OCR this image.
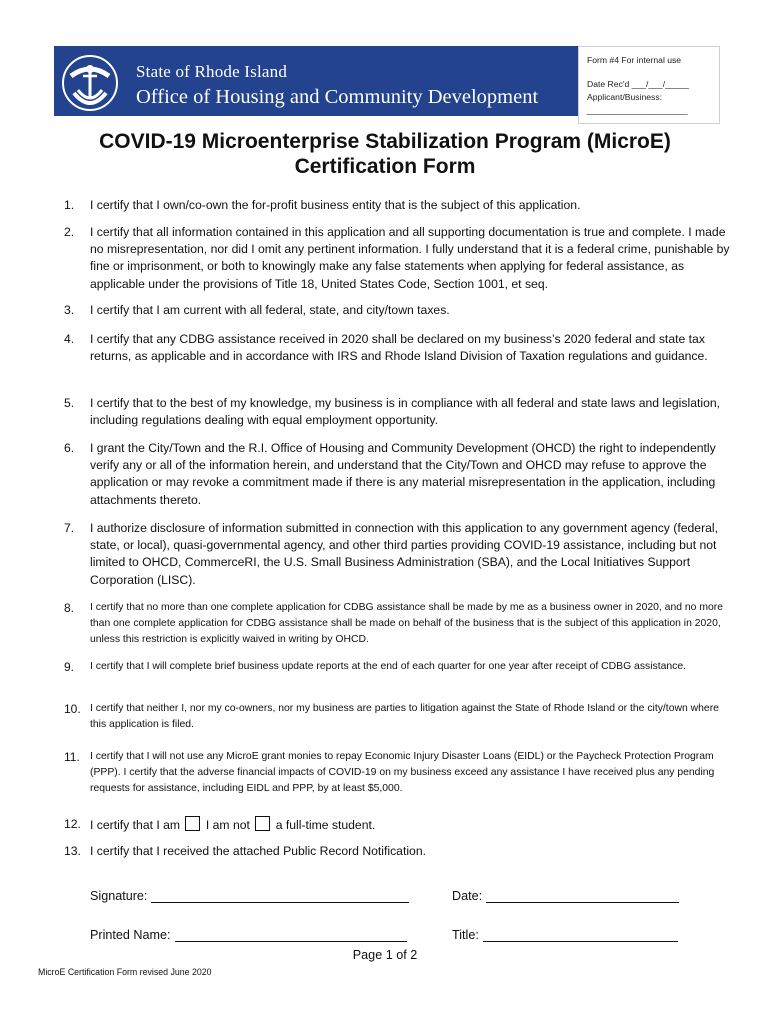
State of Rhode Island
Office of Housing and Community Development
Form #4 For internal use
Date Rec'd ___/___/_____
Applicant/Business:
_____________________
COVID-19 Microenterprise Stabilization Program (MicroE)
Certification Form
1. I certify that I own/co-own the for-profit business entity that is the subject of this application.
2. I certify that all information contained in this application and all supporting documentation is true and complete. I made no misrepresentation, nor did I omit any pertinent information. I fully understand that it is a federal crime, punishable by fine or imprisonment, or both to knowingly make any false statements when applying for federal assistance, as applicable under the provisions of Title 18, United States Code, Section 1001, et seq.
3. I certify that I am current with all federal, state, and city/town taxes.
4. I certify that any CDBG assistance received in 2020 shall be declared on my business’s 2020 federal and state tax returns, as applicable and in accordance with IRS and Rhode Island Division of Taxation regulations and guidance.
5. I certify that to the best of my knowledge, my business is in compliance with all federal and state laws and legislation, including regulations dealing with equal employment opportunity.
6. I grant the City/Town and the R.I. Office of Housing and Community Development (OHCD) the right to independently verify any or all of the information herein, and understand that the City/Town and OHCD may refuse to approve the application or may revoke a commitment made if there is any material misrepresentation in the application, including attachments thereto.
7. I authorize disclosure of information submitted in connection with this application to any government agency (federal, state, or local), quasi-governmental agency, and other third parties providing COVID-19 assistance, including but not limited to OHCD, CommerceRI, the U.S. Small Business Administration (SBA), and the Local Initiatives Support Corporation (LISC).
8. I certify that no more than one complete application for CDBG assistance shall be made by me as a business owner in 2020, and no more than one complete application for CDBG assistance shall be made on behalf of the business that is the subject of this application in 2020, unless this restriction is explicitly waived in writing by OHCD.
9. I certify that I will complete brief business update reports at the end of each quarter for one year after receipt of CDBG assistance.
10. I certify that neither I, nor my co-owners, nor my business are parties to litigation against the State of Rhode Island or the city/town where this application is filed.
11. I certify that I will not use any MicroE grant monies to repay Economic Injury Disaster Loans (EIDL) or the Paycheck Protection Program (PPP). I certify that the adverse financial impacts of COVID-19 on my business exceed any assistance I have received plus any pending requests for assistance, including EIDL and PPP, by at least $5,000.
12. I certify that I am I am not a full-time student.
13. I certify that I received the attached Public Record Notification.
Signature:	Date:
Printed Name:	Title:
Page 1 of 2
MicroE Certification Form revised June 2020
